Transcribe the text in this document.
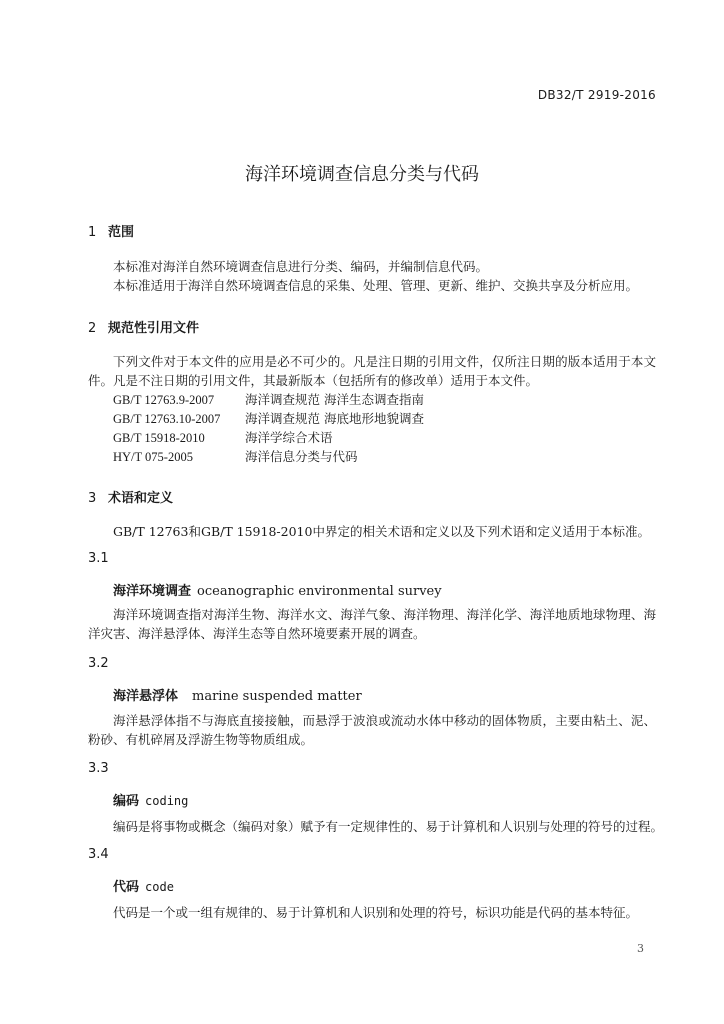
DB32/T 2919-2016
海洋环境调查信息分类与代码
1 范围
本标准对海洋自然环境调查信息进行分类、编码，并编制信息代码。
本标准适用于海洋自然环境调查信息的采集、处理、管理、更新、维护、交换共享及分析应用。
2 规范性引用文件
下列文件对于本文件的应用是必不可少的。凡是注日期的引用文件，仅所注日期的版本适用于本文件。凡是不注日期的引用文件，其最新版本（包括所有的修改单）适用于本文件。
GB/T 12763.9-2007 海洋调查规范 海洋生态调查指南
GB/T 12763.10-2007 海洋调查规范 海底地形地貌调查
GB/T 15918-2010	海洋学综合术语
HY/T 075-2005	海洋信息分类与代码
3 术语和定义
GB/T 12763和GB/T 15918-2010中界定的相关术语和定义以及下列术语和定义适用于本标准。
3.1
海洋环境调查 oceanographic environmental survey
海洋环境调查指对海洋生物、海洋水文、海洋气象、海洋物理、海洋化学、海洋地质地球物理、海洋灾害、海洋悬浮体、海洋生态等自然环境要素开展的调查。
3.2
海洋悬浮体 marine suspended matter
海洋悬浮体指不与海底直接接触，而悬浮于波浪或流动水体中移动的固体物质，主要由粘土、泥、粉砂、有机碎屑及浮游生物等物质组成。
3.3
编码 coding
编码是将事物或概念（编码对象）赋予有一定规律性的、易于计算机和人识别与处理的符号的过程。
3.4
代码 code
代码是一个或一组有规律的、易于计算机和人识别和处理的符号，标识功能是代码的基本特征。
3
